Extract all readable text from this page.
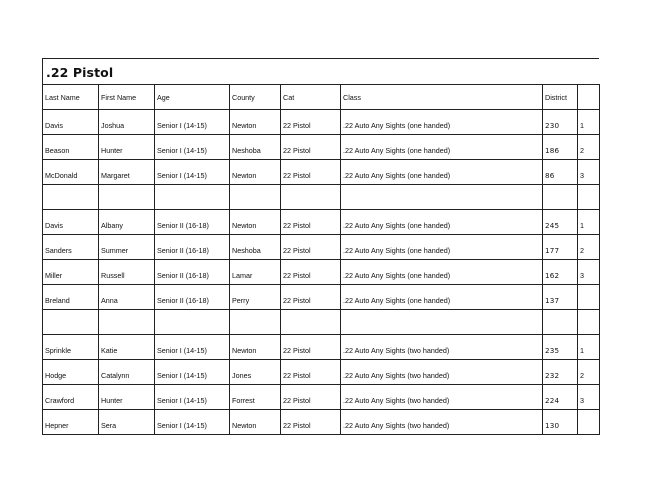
.22 Pistol
Last Name	First Name	Age	County	Cat	Class	District	
Davis	Joshua	Senior I (14-15)	Newton	22 Pistol	.22 Auto Any Sights (one handed)	230	1
Beason	Hunter	Senior I (14-15)	Neshoba	22 Pistol	.22 Auto Any Sights (one handed)	186	2
McDonald	Margaret	Senior I (14-15)	Newton	22 Pistol	.22 Auto Any Sights (one handed)	86	3

Davis	Albany	Senior II (16-18)	Newton	22 Pistol	.22 Auto Any Sights (one handed)	245	1
Sanders	Summer	Senior II (16-18)	Neshoba	22 Pistol	.22 Auto Any Sights (one handed)	177	2
Miller	Russell	Senior II (16-18)	Lamar	22 Pistol	.22 Auto Any Sights (one handed)	162	3
Breland	Anna	Senior II (16-18)	Perry	22 Pistol	.22 Auto Any Sights (one handed)	137	

Sprinkle	Katie	Senior I (14-15)	Newton	22 Pistol	.22 Auto Any Sights (two handed)	235	1
Hodge	Catalynn	Senior I (14-15)	Jones	22 Pistol	.22 Auto Any Sights (two handed)	232	2
Crawford	Hunter	Senior I (14-15)	Forrest	22 Pistol	.22 Auto Any Sights (two handed)	224	3
Hepner	Sera	Senior I (14-15)	Newton	22 Pistol	.22 Auto Any Sights (two handed)	130	
